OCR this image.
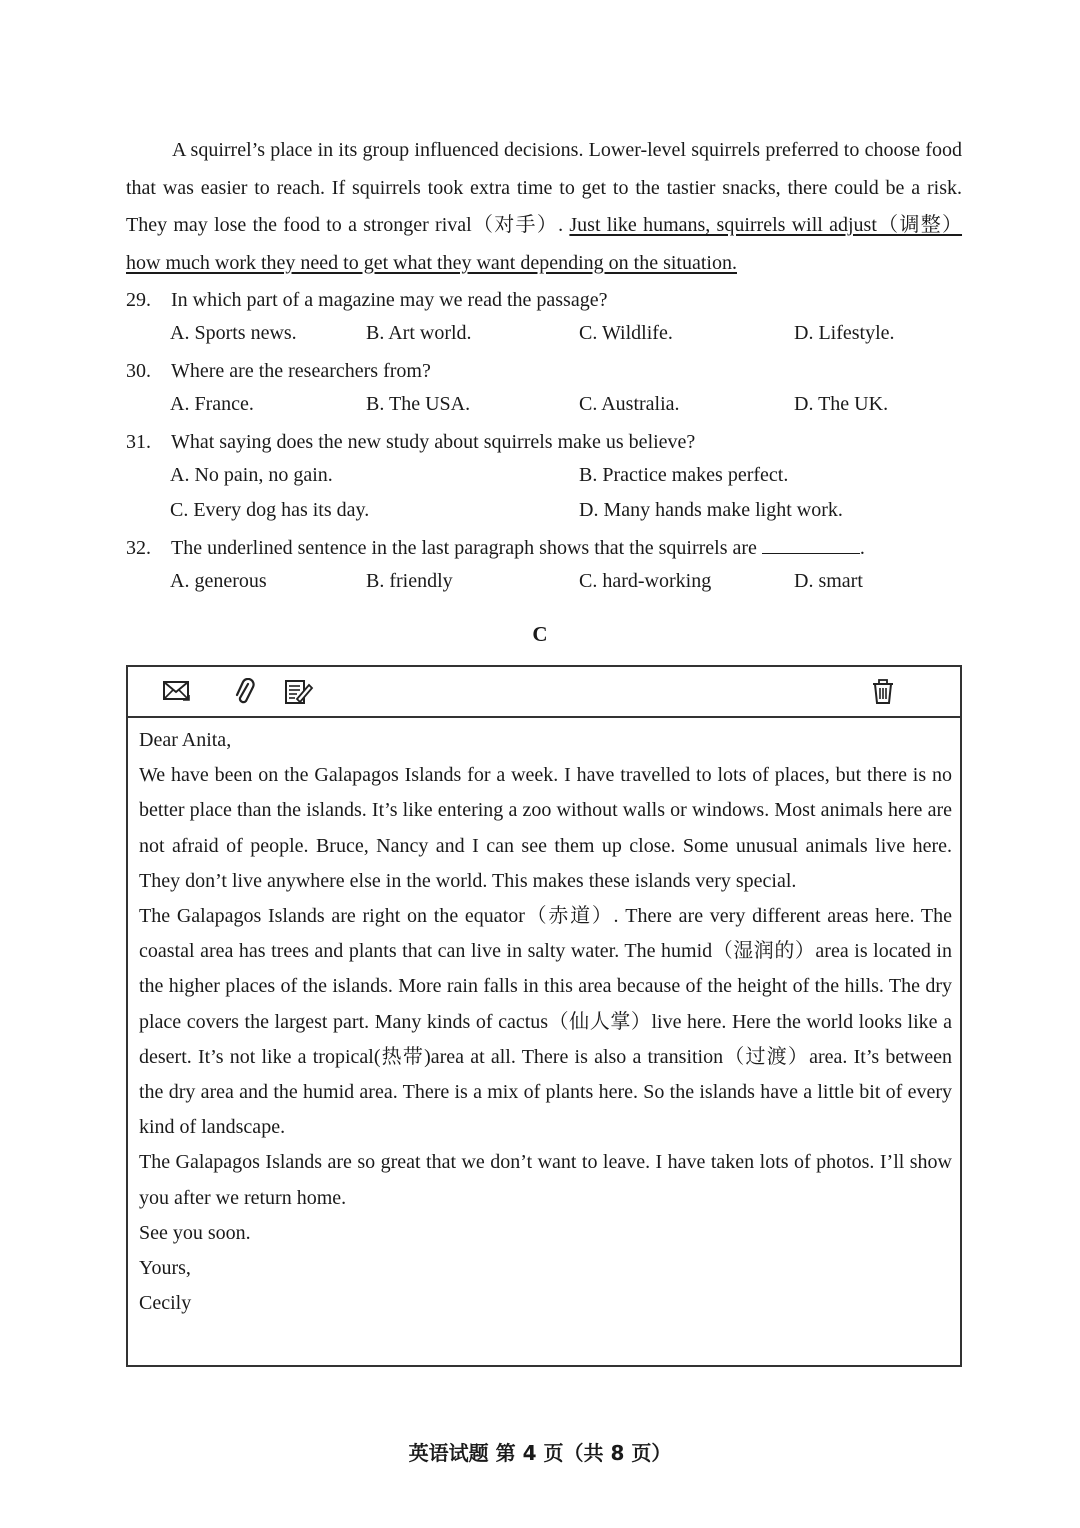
A squirrel’s place in its group influenced decisions. Lower-level squirrels preferred to choose food that was easier to reach. If squirrels took extra time to get to the tastier snacks, there could be a risk. They may lose the food to a stronger rival（对手）. Just like humans, squirrels will adjust（调整）how much work they need to get what they want depending on the situation.

29. In which part of a magazine may we read the passage?
A. Sports news.	B. Art world.	C. Wildlife.	D. Lifestyle.
30. Where are the researchers from?
A. France.	B. The USA.	C. Australia.	D. The UK.
31. What saying does the new study about squirrels make us believe?
A. No pain, no gain.	B. Practice makes perfect.
C. Every dog has its day.	D. Many hands make light work.
32. The underlined sentence in the last paragraph shows that the squirrels are	.
A. generous	B. friendly	C. hard-working	D. smart
C

Dear Anita,

We have been on the Galapagos Islands for a week. I have travelled to lots of places, but there is no better place than the islands. It’s like entering a zoo without walls or windows. Most animals here are not afraid of people. Bruce, Nancy and I can see them up close. Some unusual animals live here. They don’t live anywhere else in the world. This makes these islands very special.

The Galapagos Islands are right on the equator（赤道）. There are very different areas here. The coastal area has trees and plants that can live in salty water. The humid（湿润的）area is located in the higher places of the islands. More rain falls in this area because of the height of the hills. The dry place covers the largest part. Many kinds of cactus（仙人掌）live here. Here the world looks like a desert. It’s not like a tropical(热带)area at all. There is also a transition（过渡）area. It’s between the dry area and the humid area. There is a mix of plants here. So the islands have a little bit of every kind of landscape.

The Galapagos Islands are so great that we don’t want to leave. I have taken lots of photos. I’ll show you after we return home.

See you soon.

Yours,

Cecily

英语试题 第 4 页（共 8 页）
